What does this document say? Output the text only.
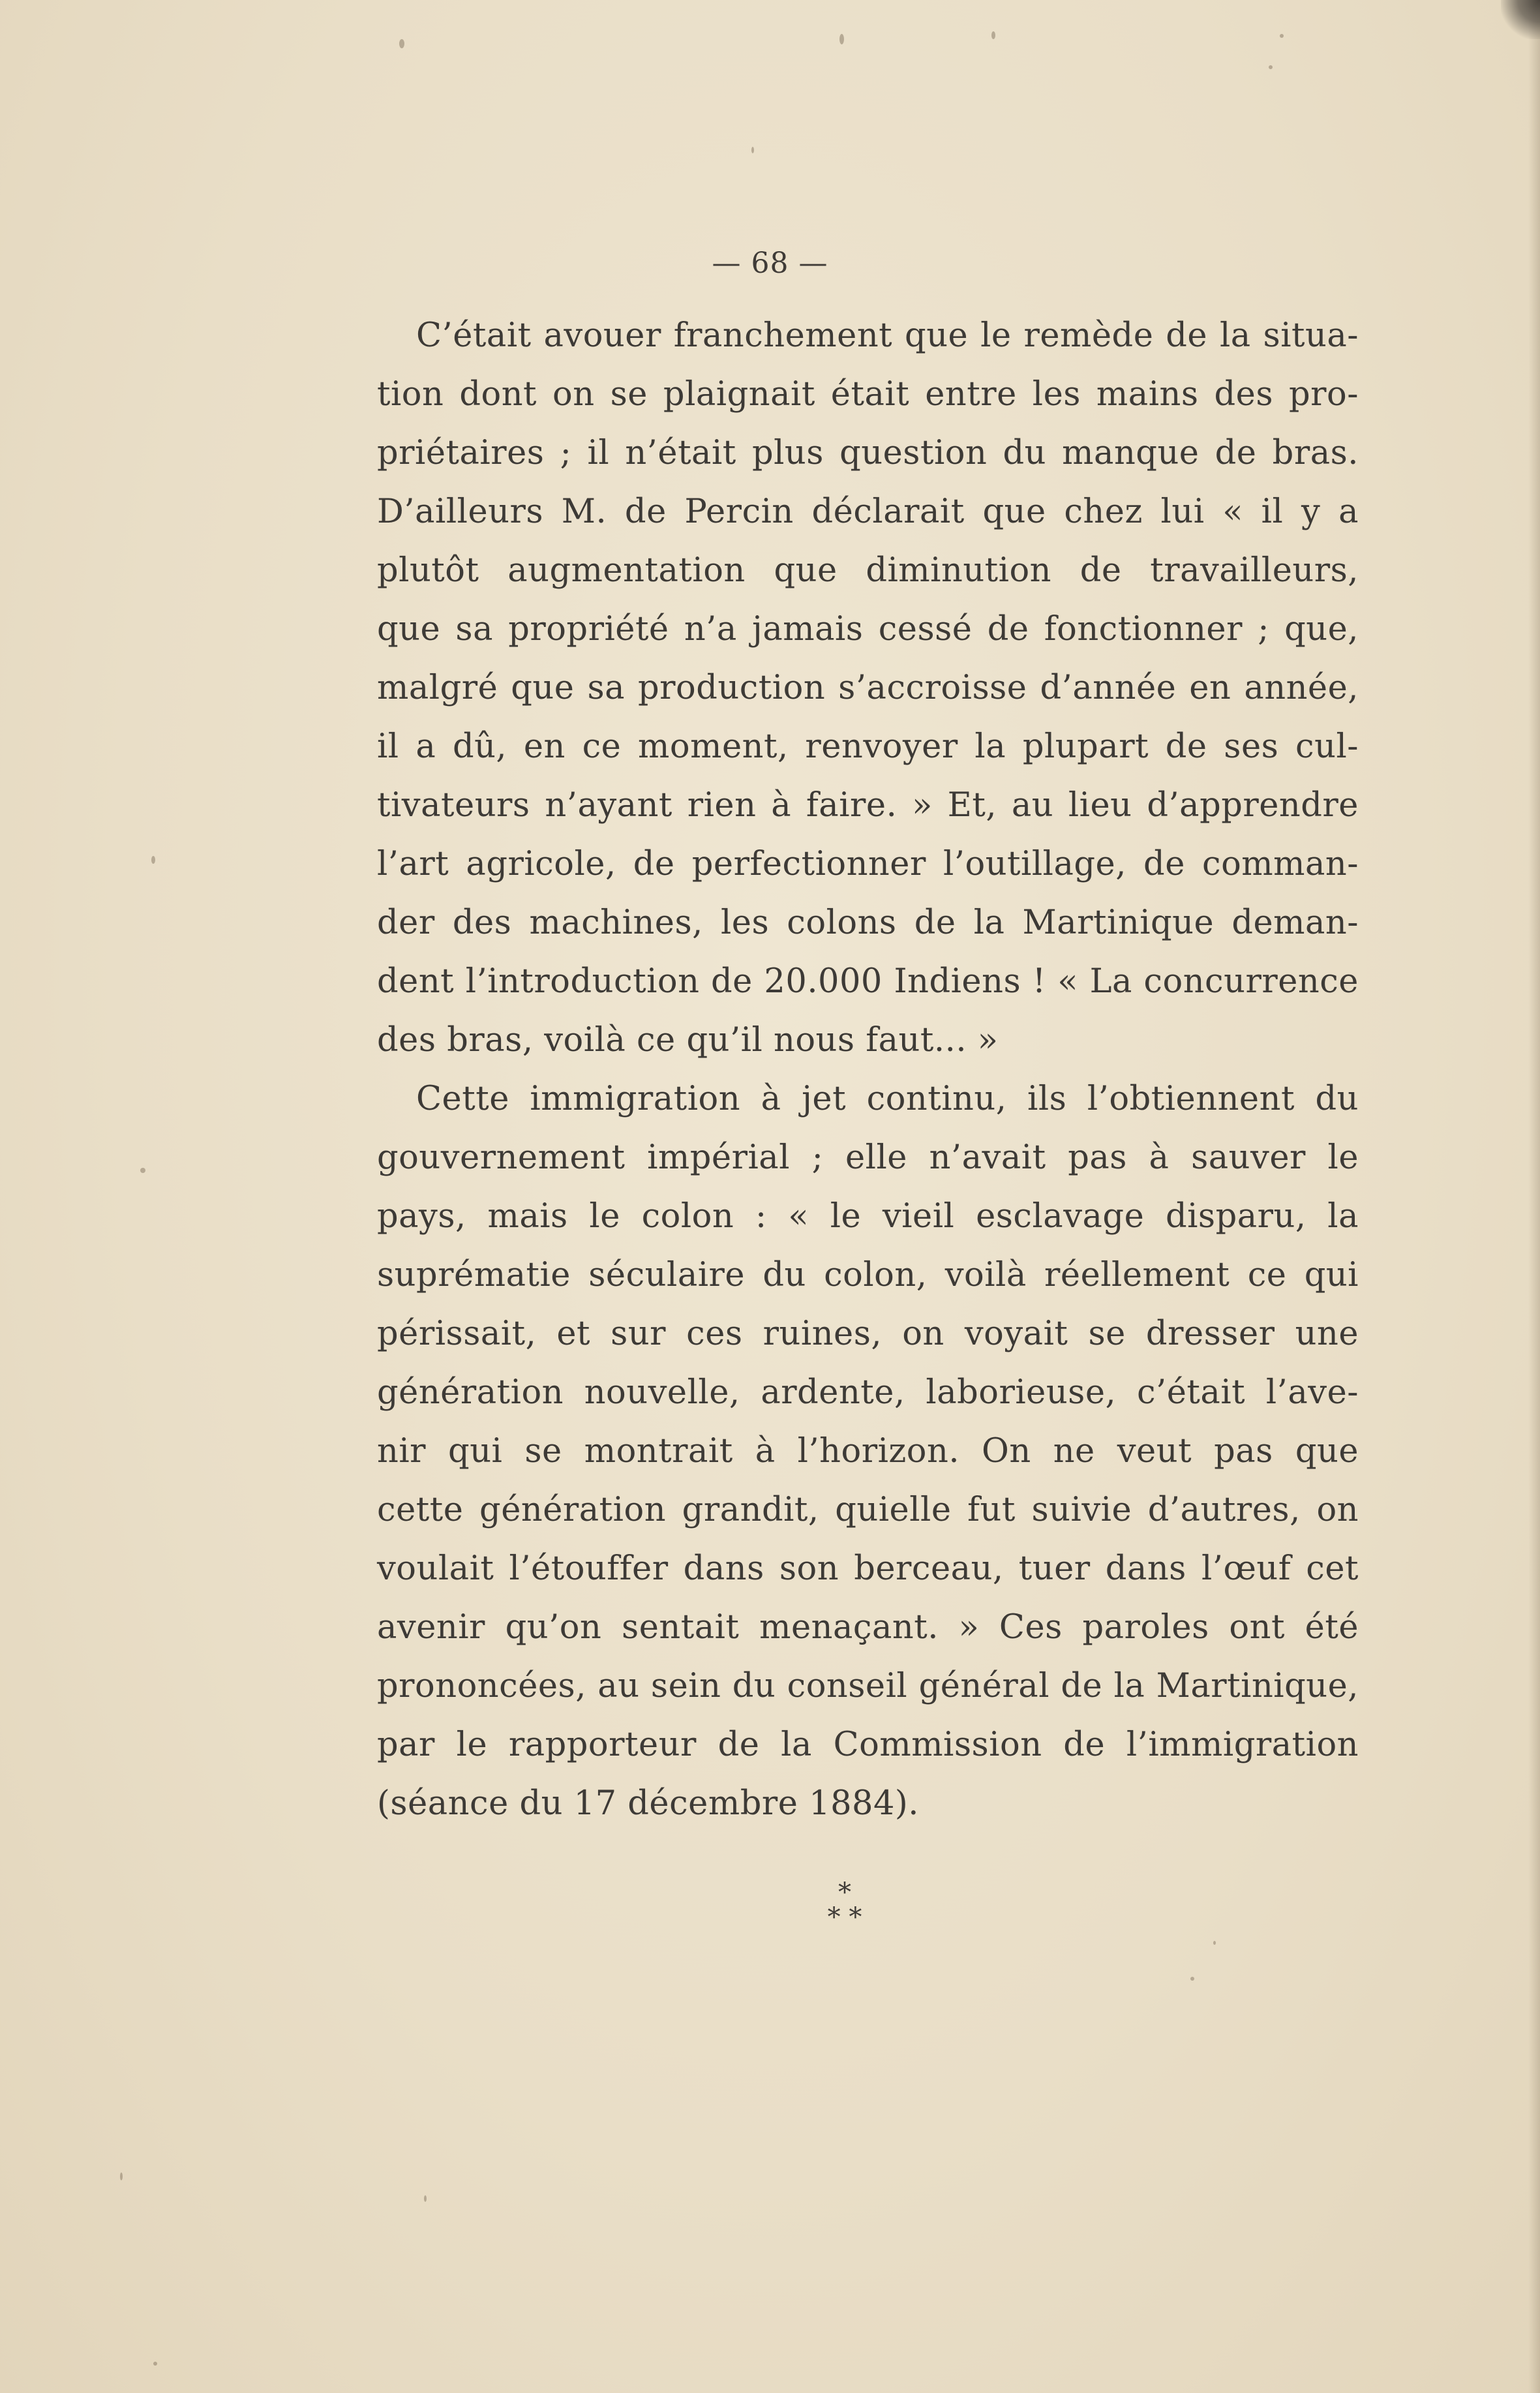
— 68 —
C’était avouer franchement que le remède de la situa-
tion dont on se plaignait était entre les mains des pro-
priétaires ; il n’était plus question du manque de bras.
D’ailleurs M. de Percin déclarait que chez lui « il y a
plutôt augmentation que diminution de travailleurs,
que sa propriété n’a jamais cessé de fonctionner ; que,
malgré que sa production s’accroisse d’année en année,
il a dû, en ce moment, renvoyer la plupart de ses cul-
tivateurs n’ayant rien à faire. » Et, au lieu d’apprendre
l’art agricole, de perfectionner l’outillage, de comman-
der des machines, les colons de la Martinique deman-
dent l’introduction de 20.000 Indiens ! « La concurrence
des bras, voilà ce qu’il nous faut... »
Cette immigration à jet continu, ils l’obtiennent du
gouvernement impérial ; elle n’avait pas à sauver le
pays, mais le colon : « le vieil esclavage disparu, la
suprématie séculaire du colon, voilà réellement ce qui
périssait, et sur ces ruines, on voyait se dresser une
génération nouvelle, ardente, laborieuse, c’était l’ave-
nir qui se montrait à l’horizon. On ne veut pas que
cette génération grandit, quielle fut suivie d’autres, on
voulait l’étouffer dans son berceau, tuer dans l’œuf cet
avenir qu’on sentait menaçant. » Ces paroles ont été
prononcées, au sein du conseil général de la Martinique,
par le rapporteur de la Commission de l’immigration
(séance du 17 décembre 1884).
*
* *
